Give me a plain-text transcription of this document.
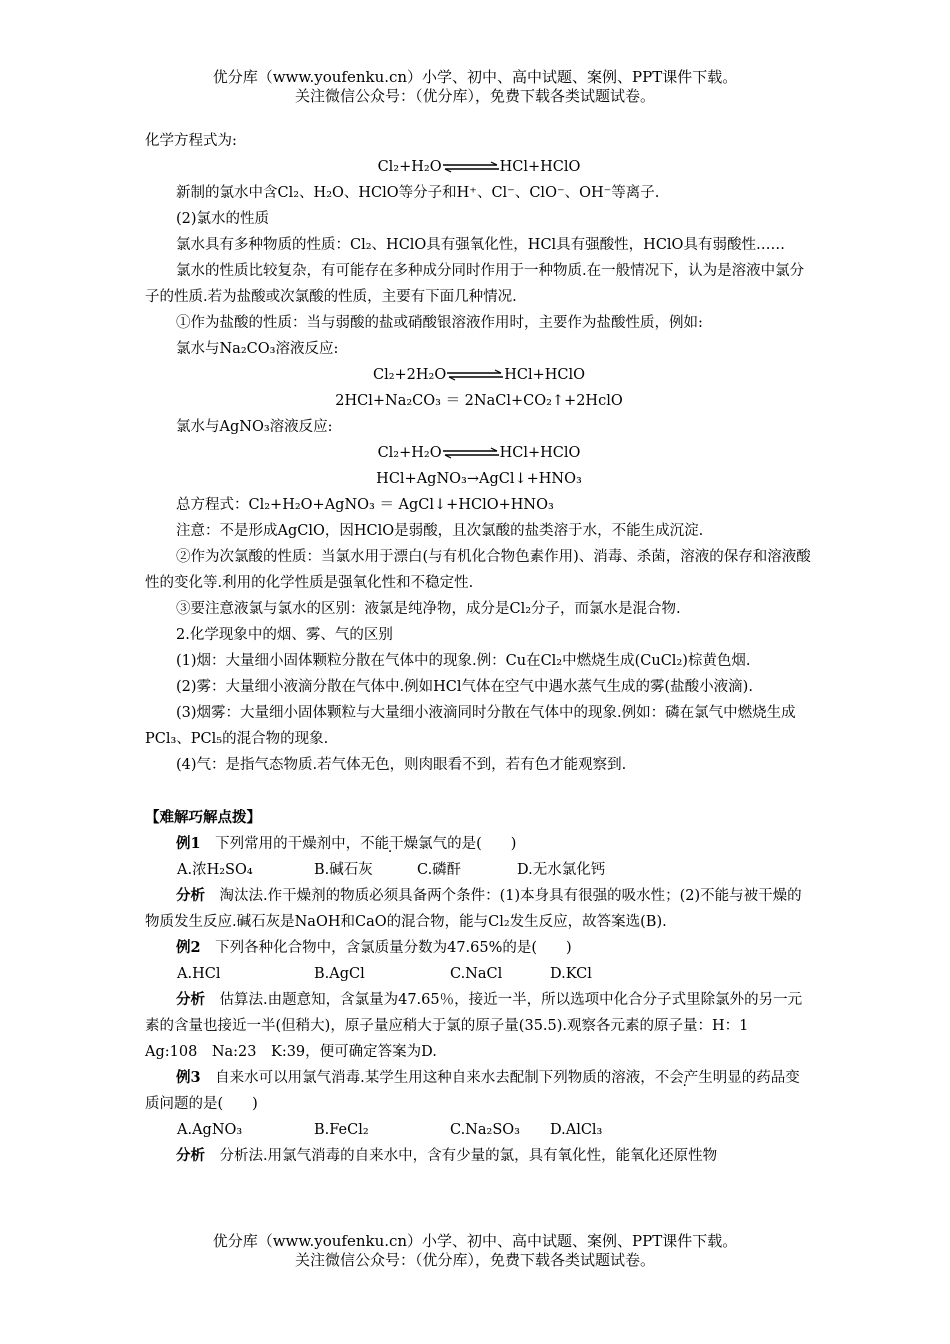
优分库（www.youfenku.cn）小学、初中、高中试题、案例、PPT课件下载。
关注微信公众号：（优分库），免费下载各类试题试卷。

化学方程式为:

Cl₂+H₂O⇌HCl+HClO

新制的氯水中含Cl₂、H₂O、HClO等分子和H⁺、Cl⁻、ClO⁻、OH⁻等离子.

(2)氯水的性质

氯水具有多种物质的性质：Cl₂、HClO具有强氧化性，HCl具有强酸性，HClO具有弱酸性……

氯水的性质比较复杂，有可能存在多种成分同时作用于一种物质.在一般情况下，认为是溶液中氯分子的性质.若为盐酸或次氯酸的性质，主要有下面几种情况.

①作为盐酸的性质：当与弱酸的盐或硝酸银溶液作用时，主要作为盐酸性质，例如:

氯水与Na₂CO₃溶液反应:

Cl₂+2H₂O⇌HCl+HClO

2HCl+Na₂CO₃ ＝ 2NaCl+CO₂↑+2HclO

氯水与AgNO₃溶液反应:

Cl₂+H₂O⇌HCl+HClO

HCl+AgNO₃→AgCl↓+HNO₃

总方程式：Cl₂+H₂O+AgNO₃ ＝ AgCl↓+HClO+HNO₃

注意：不是形成AgClO，因HClO是弱酸，且次氯酸的盐类溶于水，不能生成沉淀.

②作为次氯酸的性质：当氯水用于漂白(与有机化合物色素作用)、消毒、杀菌，溶液的保存和溶液酸性的变化等.利用的化学性质是强氧化性和不稳定性.

③要注意液氯与氯水的区别：液氯是纯净物，成分是Cl₂分子，而氯水是混合物.

2.化学现象中的烟、雾、气的区别

(1)烟：大量细小固体颗粒分散在气体中的现象.例：Cu在Cl₂中燃烧生成(CuCl₂)棕黄色烟.

(2)雾：大量细小液滴分散在气体中.例如HCl气体在空气中遇水蒸气生成的雾(盐酸小液滴).

(3)烟雾：大量细小固体颗粒与大量细小液滴同时分散在气体中的现象.例如：磷在氯气中燃烧生成PCl₃、PCl₅的混合物的现象.

(4)气：是指气态物质.若气体无色，则肉眼看不到，若有色才能观察到.

【难解巧解点拨】

例1　 下列常用的干燥剂中，不能干燥氯气的是(　　)

A.浓H₂SO₄	B.碱石灰	C.磷酐	D.无水氯化钙

分析　 淘汰法.作干燥剂的物质必须具备两个条件：(1)本身具有很强的吸水性；(2)不能与被干燥的物质发生反应.碱石灰是NaOH和CaO的混合物，能与Cl₂发生反应，故答案选(B).

例2　 下列各种化合物中，含氯质量分数为47.65%的是(　　)

A.HCl	B.AgCl	C.NaCl	D.KCl

分析　 估算法.由题意知，含氯量为47.65％，接近一半，所以选项中化合分子式里除氯外的另一元素的含量也接近一半(但稍大)，原子量应稍大于氯的原子量(35.5).观察各元素的原子量：H：1　Ag:108　Na:23　K:39，便可确定答案为D.

例3　 自来水可以用氯气消毒.某学生用这种自来水去配制下列物质的溶液，不会产生明显的药品变质问题的是(　　)

A.AgNO₃	B.FeCl₂	C.Na₂SO₃	D.AlCl₃

分析　 分析法.用氯气消毒的自来水中，含有少量的氯，具有氧化性，能氧化还原性物

优分库（www.youfenku.cn）小学、初中、高中试题、案例、PPT课件下载。
关注微信公众号：（优分库），免费下载各类试题试卷。
